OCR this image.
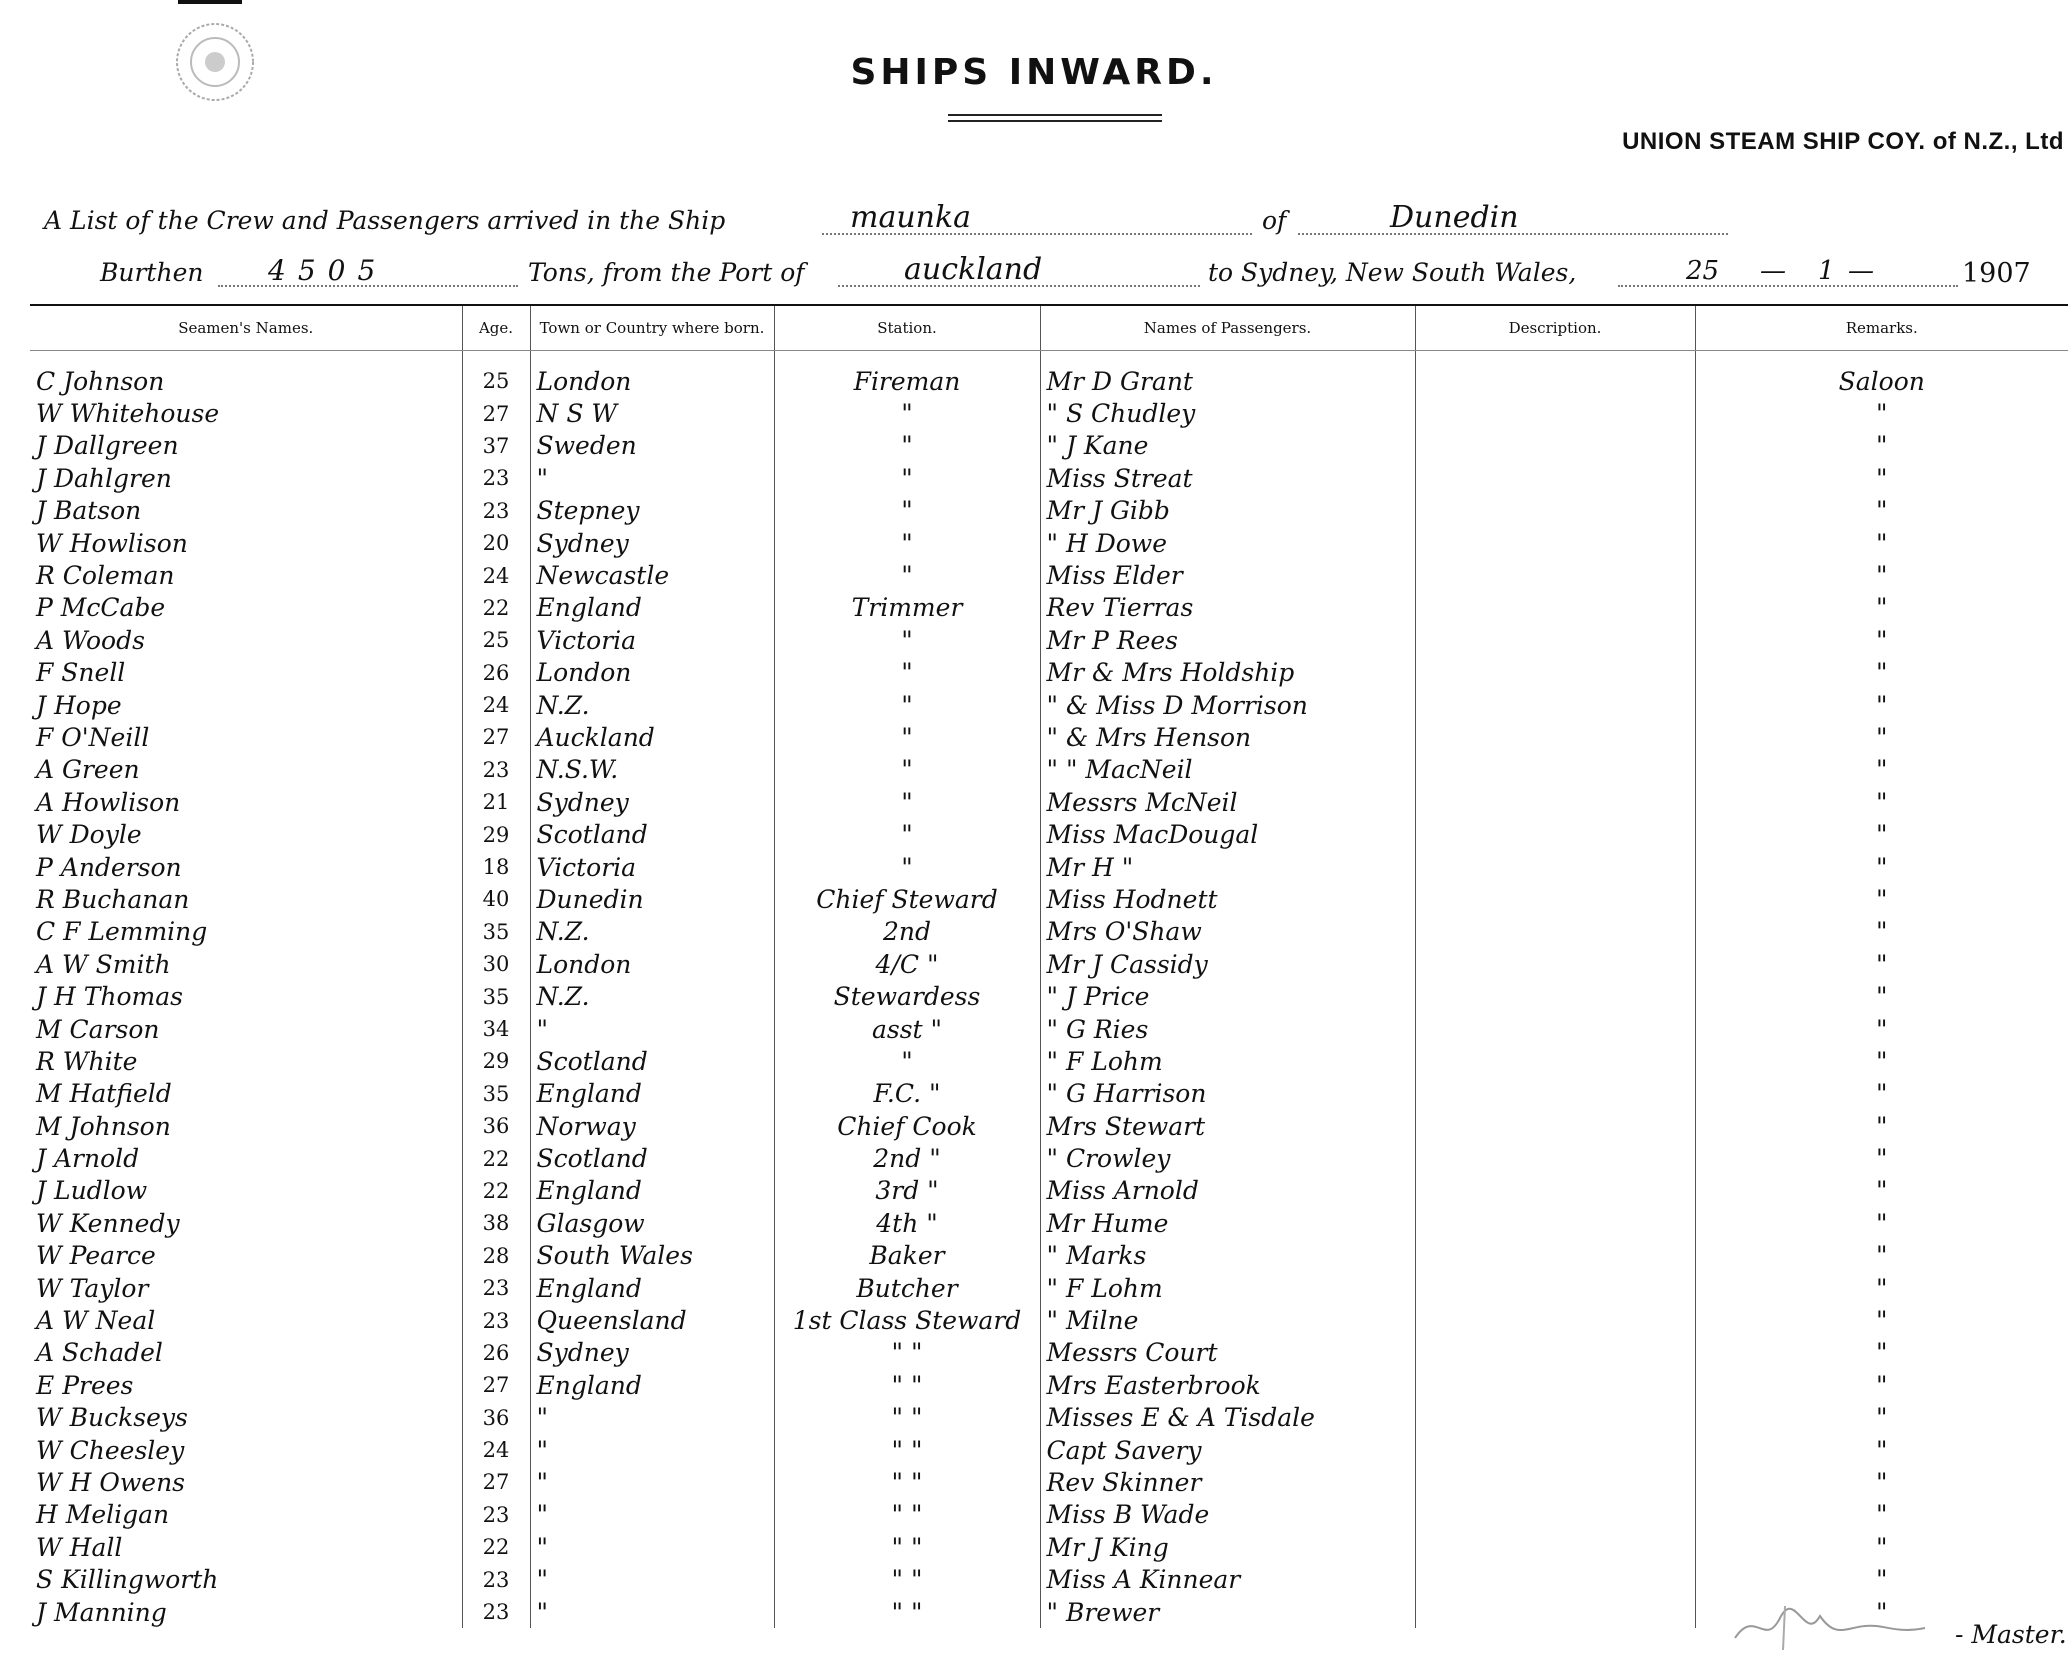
SHIPS INWARD.
UNION STEAM SHIP COY. of N.Z., Ltd
A List of the Crew and Passengers arrived in the Ship	maunka	of	Dunedin
Burthen 4505	Tons, from the Port of	auckland	to Sydney, New South Wales,	25 — 1 —	1907
Seamen's Names.	Age.	Town or Country where born.	Station.	Names of Passengers.	Description.	Remarks.

C Johnson	25	London	Fireman	Mr D Grant		Saloon
W Whitehouse	27	N S W	"	" S Chudley		"
J Dallgreen	37	Sweden	"	" J Kane		"
J Dahlgren	23	"	"	Miss Streat		"
J Batson	23	Stepney	"	Mr J Gibb		"
W Howlison	20	Sydney	"	" H Dowe		"
R Coleman	24	Newcastle	"	Miss Elder		"
P McCabe	22	England	Trimmer	Rev Tierras		"
A Woods	25	Victoria	"	Mr P Rees		"
F Snell	26	London	"	Mr & Mrs Holdship		"
J Hope	24	N.Z.	"	" & Miss D Morrison		"
F O'Neill	27	Auckland	"	" & Mrs Henson		"
A Green	23	N.S.W.	"	" " MacNeil		"
A Howlison	21	Sydney	"	Messrs McNeil		"
W Doyle	29	Scotland	"	Miss MacDougal		"
P Anderson	18	Victoria	"	Mr H "		"
R Buchanan	40	Dunedin	Chief Steward	Miss Hodnett		"
C F Lemming	35	N.Z.	2nd	Mrs O'Shaw		"
A W Smith	30	London	4/C "	Mr J Cassidy		"
J H Thomas	35	N.Z.	Stewardess	" J Price		"
M Carson	34	"	asst "	" G Ries		"
R White	29	Scotland	"	" F Lohm		"
M Hatfield	35	England	F.C. "	" G Harrison		"
M Johnson	36	Norway	Chief Cook	Mrs Stewart		"
J Arnold	22	Scotland	2nd "	" Crowley		"
J Ludlow	22	England	3rd "	Miss Arnold		"
W Kennedy	38	Glasgow	4th "	Mr Hume		"
W Pearce	28	South Wales	Baker	" Marks		"
W Taylor	23	England	Butcher	" F Lohm		"
A W Neal	23	Queensland	1st Class Steward	" Milne		"
A Schadel	26	Sydney	" "	Messrs Court		"
E Prees	27	England	" "	Mrs Easterbrook		"
W Buckseys	36	"	" "	Misses E & A Tisdale		"
W Cheesley	24	"	" "	Capt Savery		"
W H Owens	27	"	" "	Rev Skinner		"
H Meligan	23	"	" "	Miss B Wade		"
W Hall	22	"	" "	Mr J King		"
S Killingworth	23	"	" "	Miss A Kinnear		"
J Manning	23	"	" "	" Brewer		"
- Master.
